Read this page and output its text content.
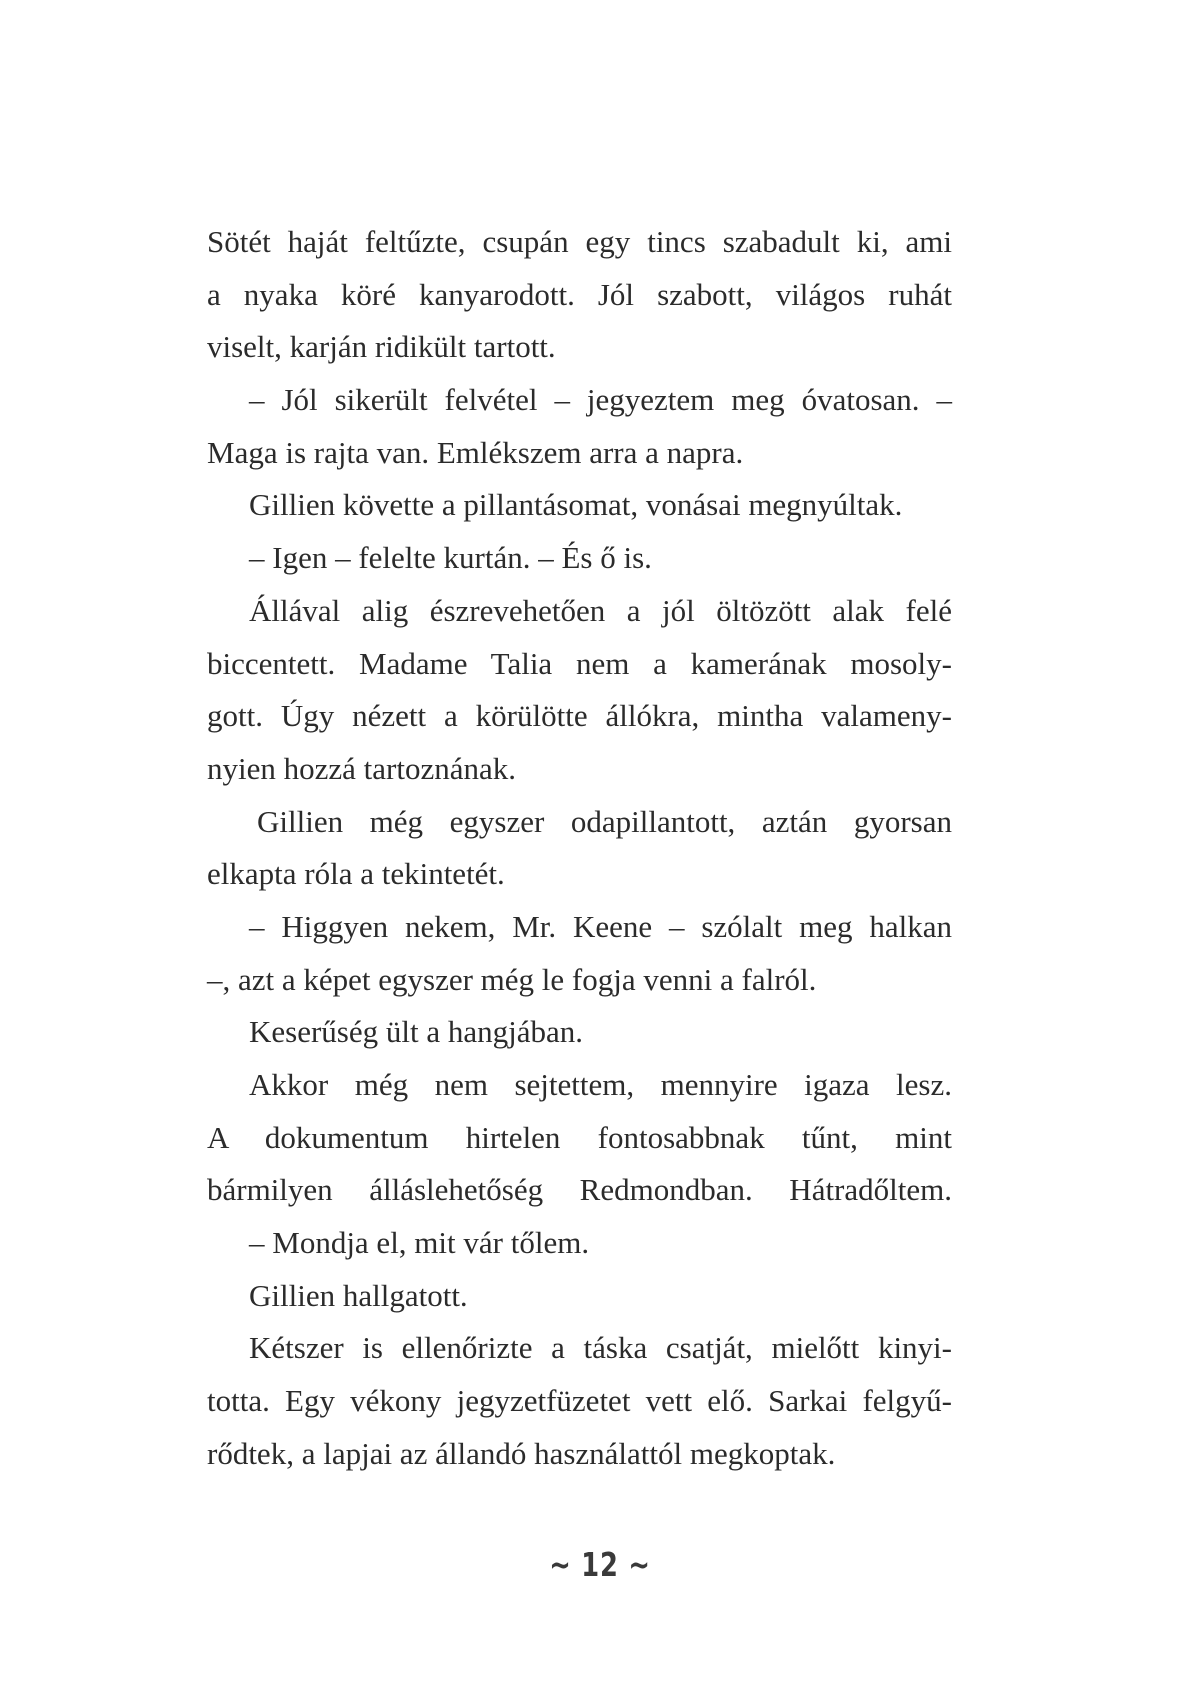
Sötét haját feltűzte, csupán egy tincs szabadult ki, ami
a nyaka köré kanyarodott. Jól szabott, világos ruhát
viselt, karján ridikült tartott.
– Jól sikerült felvétel – jegyeztem meg óvatosan. –
Maga is rajta van. Emlékszem arra a napra.
Gillien követte a pillantásomat, vonásai megnyúltak.
– Igen – felelte kurtán. – És ő is.
Állával alig észrevehetően a jól öltözött alak felé
biccentett. Madame Talia nem a kamerának mosoly-
gott. Úgy nézett a körülötte állókra, mintha valameny-
nyien hozzá tartoznának.
Gillien még egyszer odapillantott, aztán gyorsan
elkapta róla a tekintetét.
– Higgyen nekem, Mr. Keene – szólalt meg halkan
–, azt a képet egyszer még le fogja venni a falról.
Keserűség ült a hangjában.
Akkor még nem sejtettem, mennyire igaza lesz.
A dokumentum hirtelen fontosabbnak tűnt, mint
bármilyen álláslehetőség Redmondban. Hátradőltem.
– Mondja el, mit vár tőlem.
Gillien hallgatott.
Kétszer is ellenőrizte a táska csatját, mielőtt kinyi-
totta. Egy vékony jegyzetfüzetet vett elő. Sarkai felgyű-
rődtek, a lapjai az állandó használattól megkoptak.
~ 12 ~
